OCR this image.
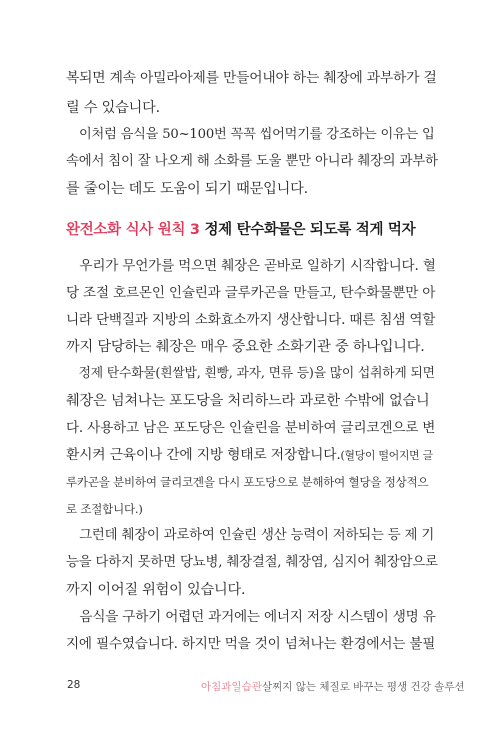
복되면 계속 아밀라아제를 만들어내야 하는 췌장에 과부하가 걸
릴 수 있습니다.
　이처럼 음식을 50~100번 꼭꼭 씹어먹기를 강조하는 이유는 입
속에서 침이 잘 나오게 해 소화를 도울 뿐만 아니라 췌장의 과부하
를 줄이는 데도 도움이 되기 때문입니다.
완전소화 식사 원칙 3 정제 탄수화물은 되도록 적게 먹자
　우리가 무언가를 먹으면 췌장은 곧바로 일하기 시작합니다. 혈
당 조절 호르몬인 인슐린과 글루카곤을 만들고, 탄수화물뿐만 아
니라 단백질과 지방의 소화효소까지 생산합니다. 때른 침샘 역할
까지 담당하는 췌장은 매우 중요한 소화기관 중 하나입니다.
　정제 탄수화물(흰쌀밥, 흰빵, 과자, 면류 등)을 많이 섭취하게 되면
췌장은 넘쳐나는 포도당을 처리하느라 과로한 수밖에 없습니
다. 사용하고 남은 포도당은 인슐린을 분비하여 글리코겐으로 변
환시켜 근육이나 간에 지방 형태로 저장합니다.(혈당이 떨어지면 글
루카곤을 분비하여 글리코겐을 다시 포도당으로 분해하여 혈당을 정상적으
로 조절합니다.)
　그런데 췌장이 과로하여 인슐린 생산 능력이 저하되는 등 제 기
능을 다하지 못하면 당뇨병, 췌장결절, 췌장염, 심지어 췌장암으로
까지 이어질 위험이 있습니다.
　음식을 구하기 어렵던 과거에는 에너지 저장 시스템이 생명 유
지에 필수였습니다. 하지만 먹을 것이 넘쳐나는 환경에서는 불필
28	아침과일습관 살찌지 않는 체질로 바꾸는 평생 건강 솔루션
